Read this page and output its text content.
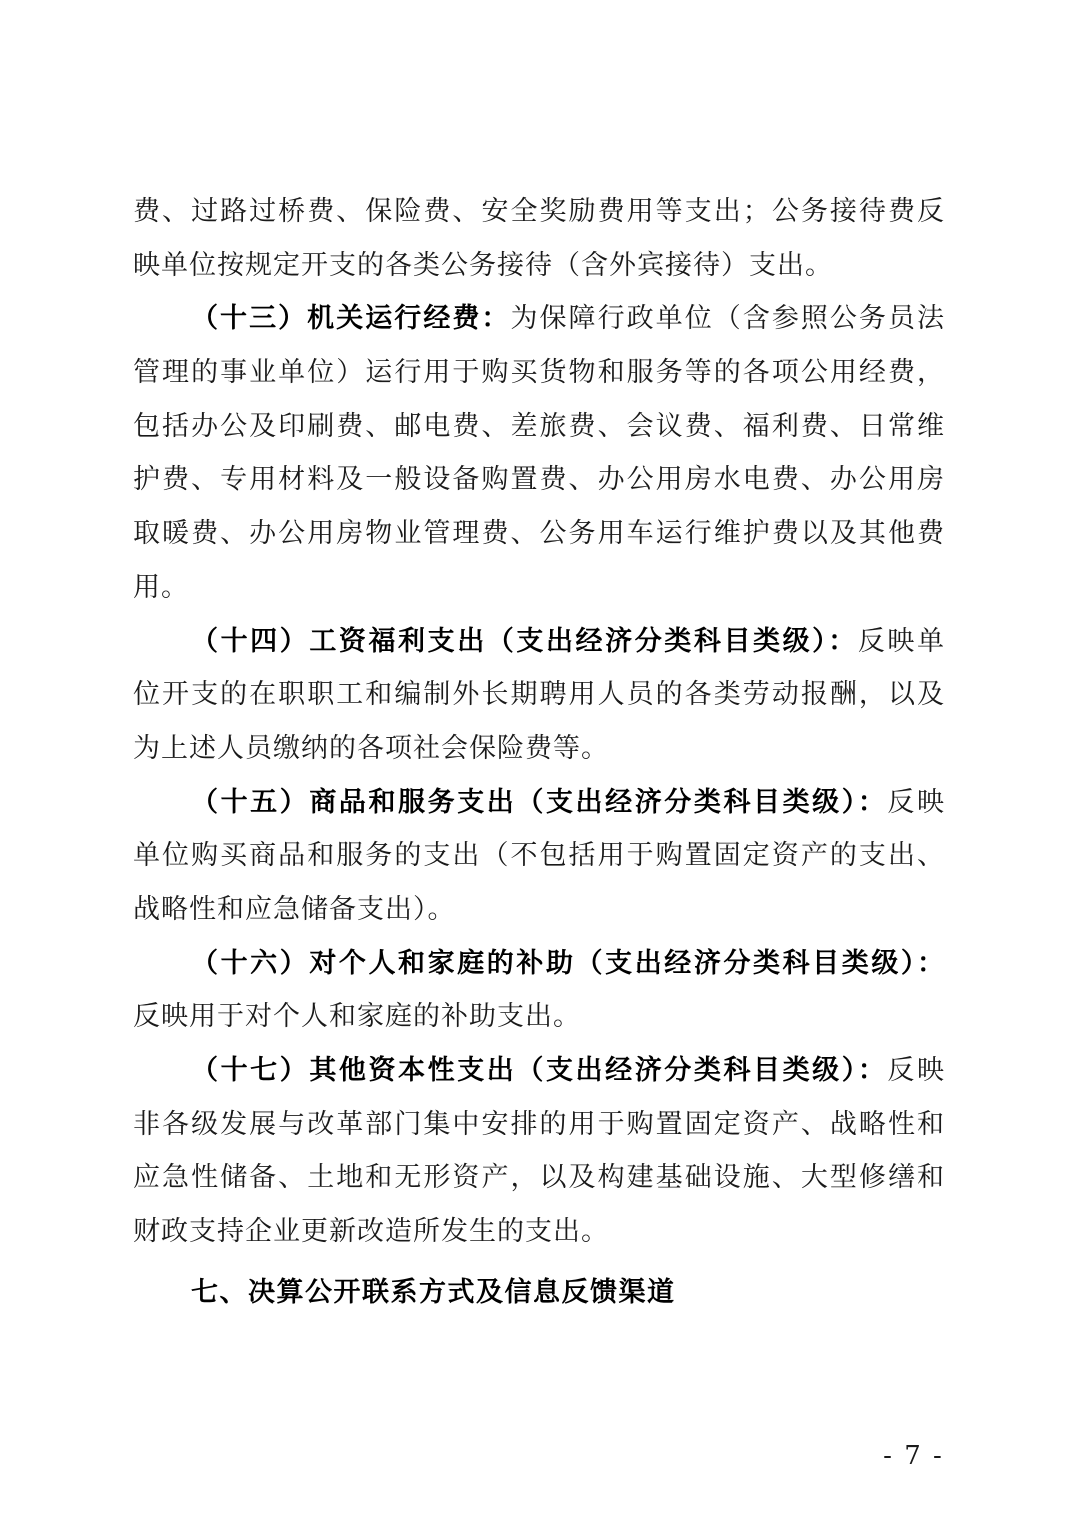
费、过路过桥费、保险费、安全奖励费用等支出；公务接待费反
映单位按规定开支的各类公务接待（含外宾接待）支出。
（十三）机关运行经费：为保障行政单位（含参照公务员法
管理的事业单位）运行用于购买货物和服务等的各项公用经费，
包括办公及印刷费、邮电费、差旅费、会议费、福利费、日常维
护费、专用材料及一般设备购置费、办公用房水电费、办公用房
取暖费、办公用房物业管理费、公务用车运行维护费以及其他费
用。
（十四）工资福利支出（支出经济分类科目类级）：反映单
位开支的在职职工和编制外长期聘用人员的各类劳动报酬，以及
为上述人员缴纳的各项社会保险费等。
（十五）商品和服务支出（支出经济分类科目类级）：反映
单位购买商品和服务的支出（不包括用于购置固定资产的支出、
战略性和应急储备支出）。
（十六）对个人和家庭的补助（支出经济分类科目类级）：
反映用于对个人和家庭的补助支出。
（十七）其他资本性支出（支出经济分类科目类级）：反映
非各级发展与改革部门集中安排的用于购置固定资产、战略性和
应急性储备、土地和无形资产，以及构建基础设施、大型修缮和
财政支持企业更新改造所发生的支出。
七、决算公开联系方式及信息反馈渠道
- 7 -
